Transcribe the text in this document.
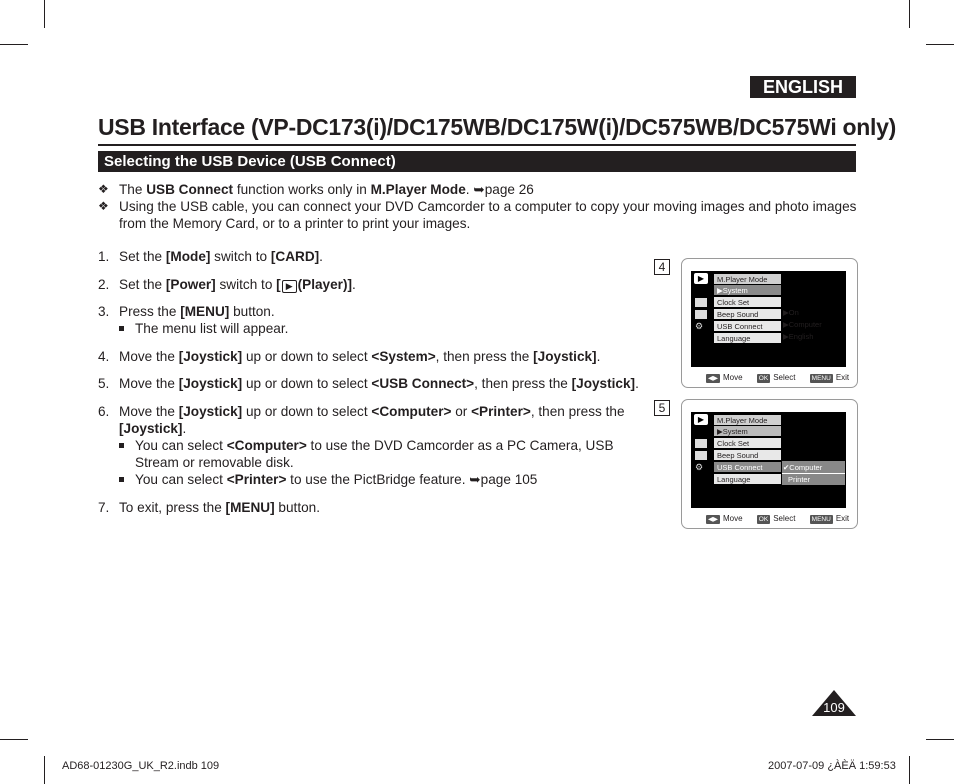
ENGLISH
USB Interface (VP-DC173(i)/DC175WB/DC175W(i)/DC575WB/DC575Wi only)
Selecting the USB Device (USB Connect)
❖ The USB Connect function works only in M.Player Mode. ➥page 26
❖ Using the USB cable, you can connect your DVD Camcorder to a computer to copy your moving images and photo images from the Memory Card, or to a printer to print your images.
1. Set the [Mode] switch to [CARD].
2. Set the [Power] switch to [ ▶ (Player)].
3. Press the [MENU] button.
The menu list will appear.
4. Move the [Joystick] up or down to select <System>, then press the [Joystick].
5. Move the [Joystick] up or down to select <USB Connect>, then press the [Joystick].
6. Move the [Joystick] up or down to select <Computer> or <Printer>, then press the [Joystick].
You can select <Computer> to use the DVD Camcorder as a PC Camera, USB Stream or removable disk.
You can select <Printer> to use the PictBridge feature. ➥page 105
7. To exit, press the [MENU] button.
4
▶
⚙
M.Player Mode
▶System
Clock Set
Beep Sound
USB Connect
Language
▶On
▶Computer
▶English
◀▶ Move OK Select MENU Exit
5
▶
⚙
M.Player Mode
▶System
Clock Set
Beep Sound
USB Connect
Language
✔Computer
Printer
◀▶ Move OK Select MENU Exit
109
AD68-01230G_UK_R2.indb 109	2007-07-09 ¿ÀÈÄ 1:59:53
